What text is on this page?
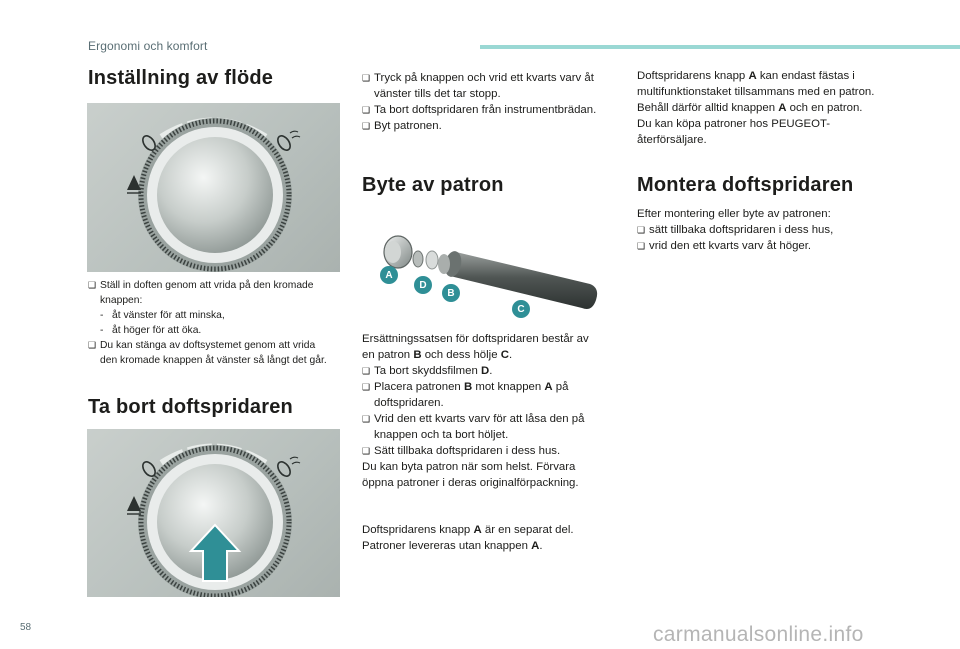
Ergonomi och komfort
Inställning av flöde
❑ Ställ in doften genom att vrida på den kromade
knappen:
- åt vänster för att minska,
- åt höger för att öka.
❑ Du kan stänga av doftsystemet genom att vrida
den kromade knappen åt vänster så långt det går.
Ta bort doftspridaren
❑ Tryck på knappen och vrid ett kvarts varv åt
vänster tills det tar stopp.
❑ Ta bort doftspridaren från instrumentbrädan.
❑ Byt patronen.
Byte av patron
A
D
B
C
Ersättningssatsen för doftspridaren består av
en patron
B
och dess hölje
C .
❑ Ta bort skyddsfilmen
D .
❑ Placera patronen
B
mot knappen
A
på
doftspridaren.
❑ Vrid den ett kvarts varv för att låsa den på
knappen och ta bort höljet.
❑ Sätt tillbaka doftspridaren i dess hus.
Du kan byta patron när som helst. Förvara
öppna patroner i deras originalförpackning.
Doftspridarens knapp
A
är en separat del.
Patroner levereras utan knappen
A .
Doftspridarens knapp
A
kan endast fästas i
multifunktionstaket tillsammans med en patron.
Behåll därför alltid knappen
A
och en patron.
Du kan köpa patroner hos PEUGEOT-
återförsäljare.
Montera doftspridaren
Efter montering eller byte av patronen:
❑ sätt tillbaka doftspridaren i dess hus,
❑ vrid den ett kvarts varv åt höger.
58	carmanualsonline.info
